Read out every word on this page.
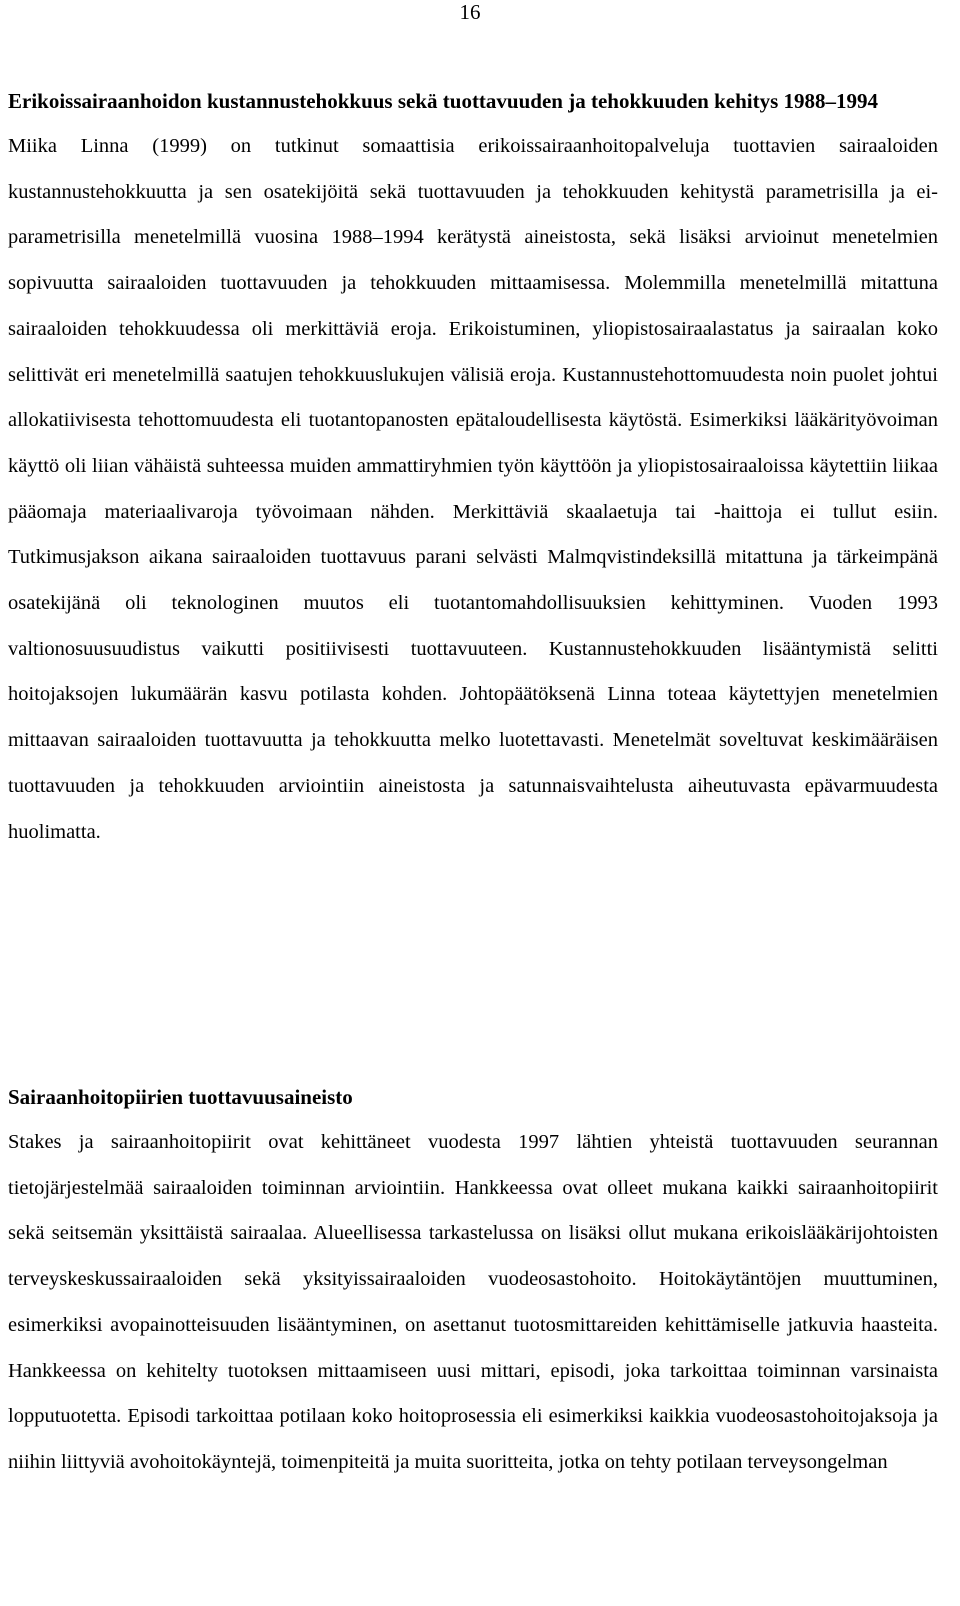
16
Erikoissairaanhoidon kustannustehokkuus sekä tuottavuuden ja tehokkuuden kehitys 1988–1994

Miika Linna (1999) on tutkinut somaattisia erikoissairaanhoitopalveluja tuottavien sairaaloiden kustannustehokkuutta ja sen osatekijöitä sekä tuottavuuden ja tehokkuuden kehitystä parametrisilla ja ei-parametrisilla menetelmillä vuosina 1988–1994 kerätystä aineistosta, sekä lisäksi arvioinut menetelmien sopivuutta sairaaloiden tuottavuuden ja tehokkuuden mittaamisessa. Molemmilla menetelmillä mitattuna sairaaloiden tehokkuudessa oli merkittäviä eroja. Erikoistuminen, yliopistosairaalastatus ja sairaalan koko selittivät eri menetelmillä saatujen tehokkuuslukujen välisiä eroja. Kustannustehottomuudesta noin puolet johtui allokatiivisesta tehottomuudesta eli tuotantopanosten epätaloudellisesta käytöstä. Esimerkiksi lääkärityövoiman käyttö oli liian vähäistä suhteessa muiden ammattiryhmien työn käyttöön ja yliopistosairaaloissa käytettiin liikaa pääomaja materiaalivaroja työvoimaan nähden. Merkittäviä skaalaetuja tai -haittoja ei tullut esiin. Tutkimusjakson aikana sairaaloiden tuottavuus parani selvästi Malmqvistindeksillä mitattuna ja tärkeimpänä osatekijänä oli teknologinen muutos eli tuotantomahdollisuuksien kehittyminen. Vuoden 1993 valtionosuusuudistus vaikutti positiivisesti tuottavuuteen. Kustannustehokkuuden lisääntymistä selitti hoitojaksojen lukumäärän kasvu potilasta kohden. Johtopäätöksenä Linna toteaa käytettyjen menetelmien mittaavan sairaaloiden tuottavuutta ja tehokkuutta melko luotettavasti. Menetelmät soveltuvat keskimääräisen tuottavuuden ja tehokkuuden arviointiin aineistosta ja satunnaisvaihtelusta aiheutuvasta epävarmuudesta huolimatta.

Sairaanhoitopiirien tuottavuusaineisto

Stakes ja sairaanhoitopiirit ovat kehittäneet vuodesta 1997 lähtien yhteistä tuottavuuden seurannan tietojärjestelmää sairaaloiden toiminnan arviointiin. Hankkeessa ovat olleet mukana kaikki sairaanhoitopiirit sekä seitsemän yksittäistä sairaalaa. Alueellisessa tarkastelussa on lisäksi ollut mukana erikoislääkärijohtoisten terveyskeskussairaaloiden sekä yksityissairaaloiden vuodeosastohoito. Hoitokäytäntöjen muuttuminen, esimerkiksi avopainotteisuuden lisääntyminen, on asettanut tuotosmittareiden kehittämiselle jatkuvia haasteita. Hankkeessa on kehitelty tuotoksen mittaamiseen uusi mittari, episodi, joka tarkoittaa toiminnan varsinaista lopputuotetta. Episodi tarkoittaa potilaan koko hoitoprosessia eli esimerkiksi kaikkia vuodeosastohoitojaksoja ja niihin liittyviä avohoitokäyntejä, toimenpiteitä ja muita suoritteita, jotka on tehty potilaan terveysongelman
